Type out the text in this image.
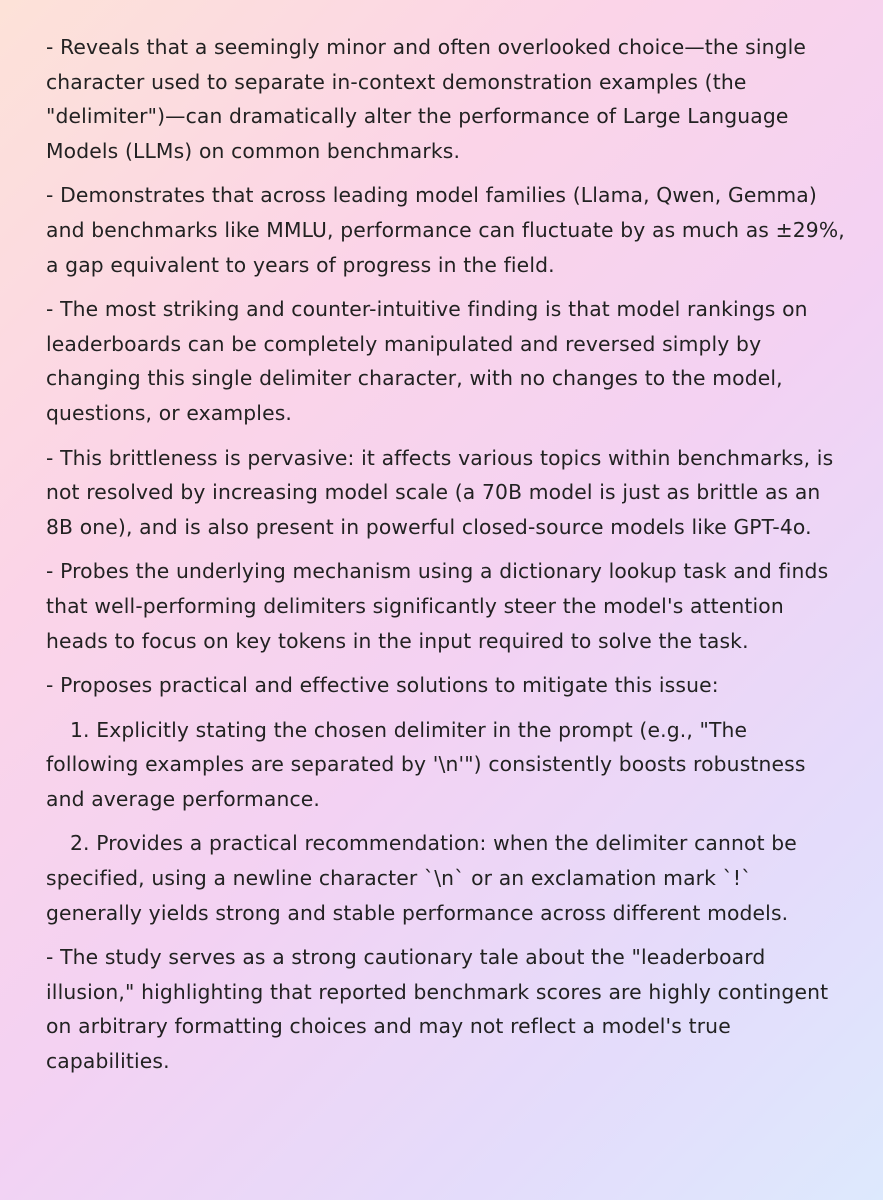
- Reveals that a seemingly minor and often overlooked choice—the single character used to separate in-context demonstration examples (the "delimiter")—can dramatically alter the performance of Large Language Models (LLMs) on common benchmarks.

- Demonstrates that across leading model families (Llama, Qwen, Gemma) and benchmarks like MMLU, performance can fluctuate by as much as ±29%, a gap equivalent to years of progress in the field.

- The most striking and counter-intuitive finding is that model rankings on leaderboards can be completely manipulated and reversed simply by changing this single delimiter character, with no changes to the model, questions, or examples.

- This brittleness is pervasive: it affects various topics within benchmarks, is not resolved by increasing model scale (a 70B model is just as brittle as an 8B one), and is also present in powerful closed-source models like GPT-4o.

- Probes the underlying mechanism using a dictionary lookup task and finds that well-performing delimiters significantly steer the model's attention heads to focus on key tokens in the input required to solve the task.

- Proposes practical and effective solutions to mitigate this issue:

1. Explicitly stating the chosen delimiter in the prompt (e.g., "The following examples are separated by '\n'") consistently boosts robustness and average performance.

2. Provides a practical recommendation: when the delimiter cannot be specified, using a newline character `\n` or an exclamation mark `!` generally yields strong and stable performance across different models.

- The study serves as a strong cautionary tale about the "leaderboard illusion," highlighting that reported benchmark scores are highly contingent on arbitrary formatting choices and may not reflect a model's true capabilities.
